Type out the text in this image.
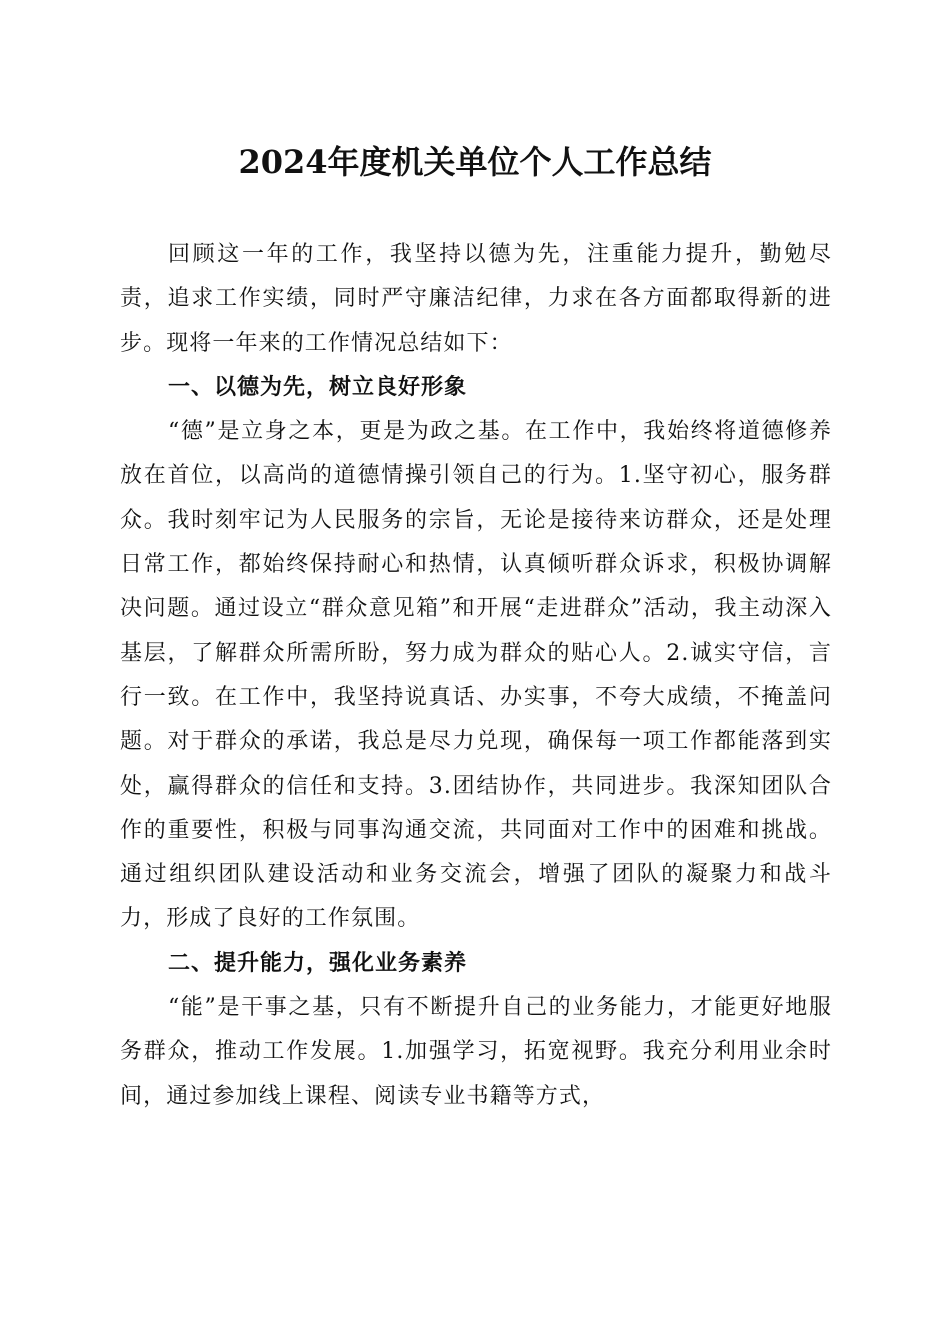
2024年度机关单位个人工作总结

回顾这一年的工作，我坚持以德为先，注重能力提升，勤勉尽责，追求工作实绩，同时严守廉洁纪律，力求在各方面都取得新的进步。现将一年来的工作情况总结如下：

一、以德为先，树立良好形象

“德”是立身之本，更是为政之基。在工作中，我始终将道德修养放在首位，以高尚的道德情操引领自己的行为。1.坚守初心，服务群众。我时刻牢记为人民服务的宗旨，无论是接待来访群众，还是处理日常工作，都始终保持耐心和热情，认真倾听群众诉求，积极协调解决问题。通过设立“群众意见箱”和开展“走进群众”活动，我主动深入基层，了解群众所需所盼，努力成为群众的贴心人。2.诚实守信，言行一致。在工作中，我坚持说真话、办实事，不夸大成绩，不掩盖问题。对于群众的承诺，我总是尽力兑现，确保每一项工作都能落到实处，赢得群众的信任和支持。3.团结协作，共同进步。我深知团队合作的重要性，积极与同事沟通交流，共同面对工作中的困难和挑战。通过组织团队建设活动和业务交流会，增强了团队的凝聚力和战斗力，形成了良好的工作氛围。

二、提升能力，强化业务素养

“能”是干事之基，只有不断提升自己的业务能力，才能更好地服务群众，推动工作发展。1.加强学习，拓宽视野。我充分利用业余时间，通过参加线上课程、阅读专业书籍等方式，
